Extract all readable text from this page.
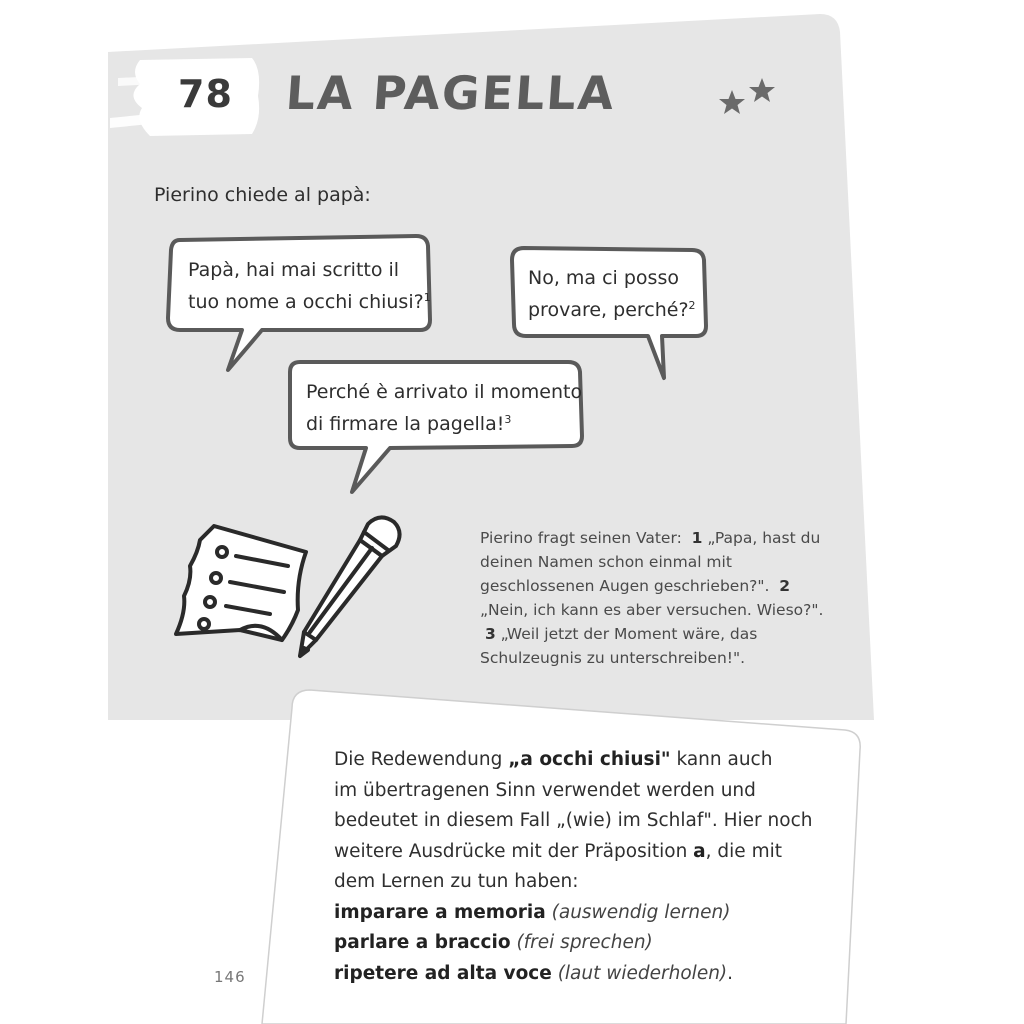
78 LA PAGELLA
Pierino chiede al papà:
Papà, hai mai scritto il
tuo nome a occhi chiusi?$^1$
No, ma ci posso
provare, perché?$^2$
Perché è arrivato il momento
di firmare la pagella!$^3$
Pierino fragt seinen Vater: 1 „Papa, hast du deinen Namen schon einmal mit geschlossenen Augen geschrieben?". 2 „Nein, ich kann es aber versuchen. Wieso?".  3 „Weil jetzt der Moment wäre, das Schulzeugnis zu unterschreiben!".
Die Redewendung „a occhi chiusi" kann auch
im übertragenen Sinn verwendet werden und
bedeutet in diesem Fall „(wie) im Schlaf". Hier noch
weitere Ausdrücke mit der Präposition a, die mit
dem Lernen zu tun haben:
imparare a memoria (auswendig lernen)
parlare a braccio (frei sprechen)
ripetere ad alta voce (laut wiederholen).
146
